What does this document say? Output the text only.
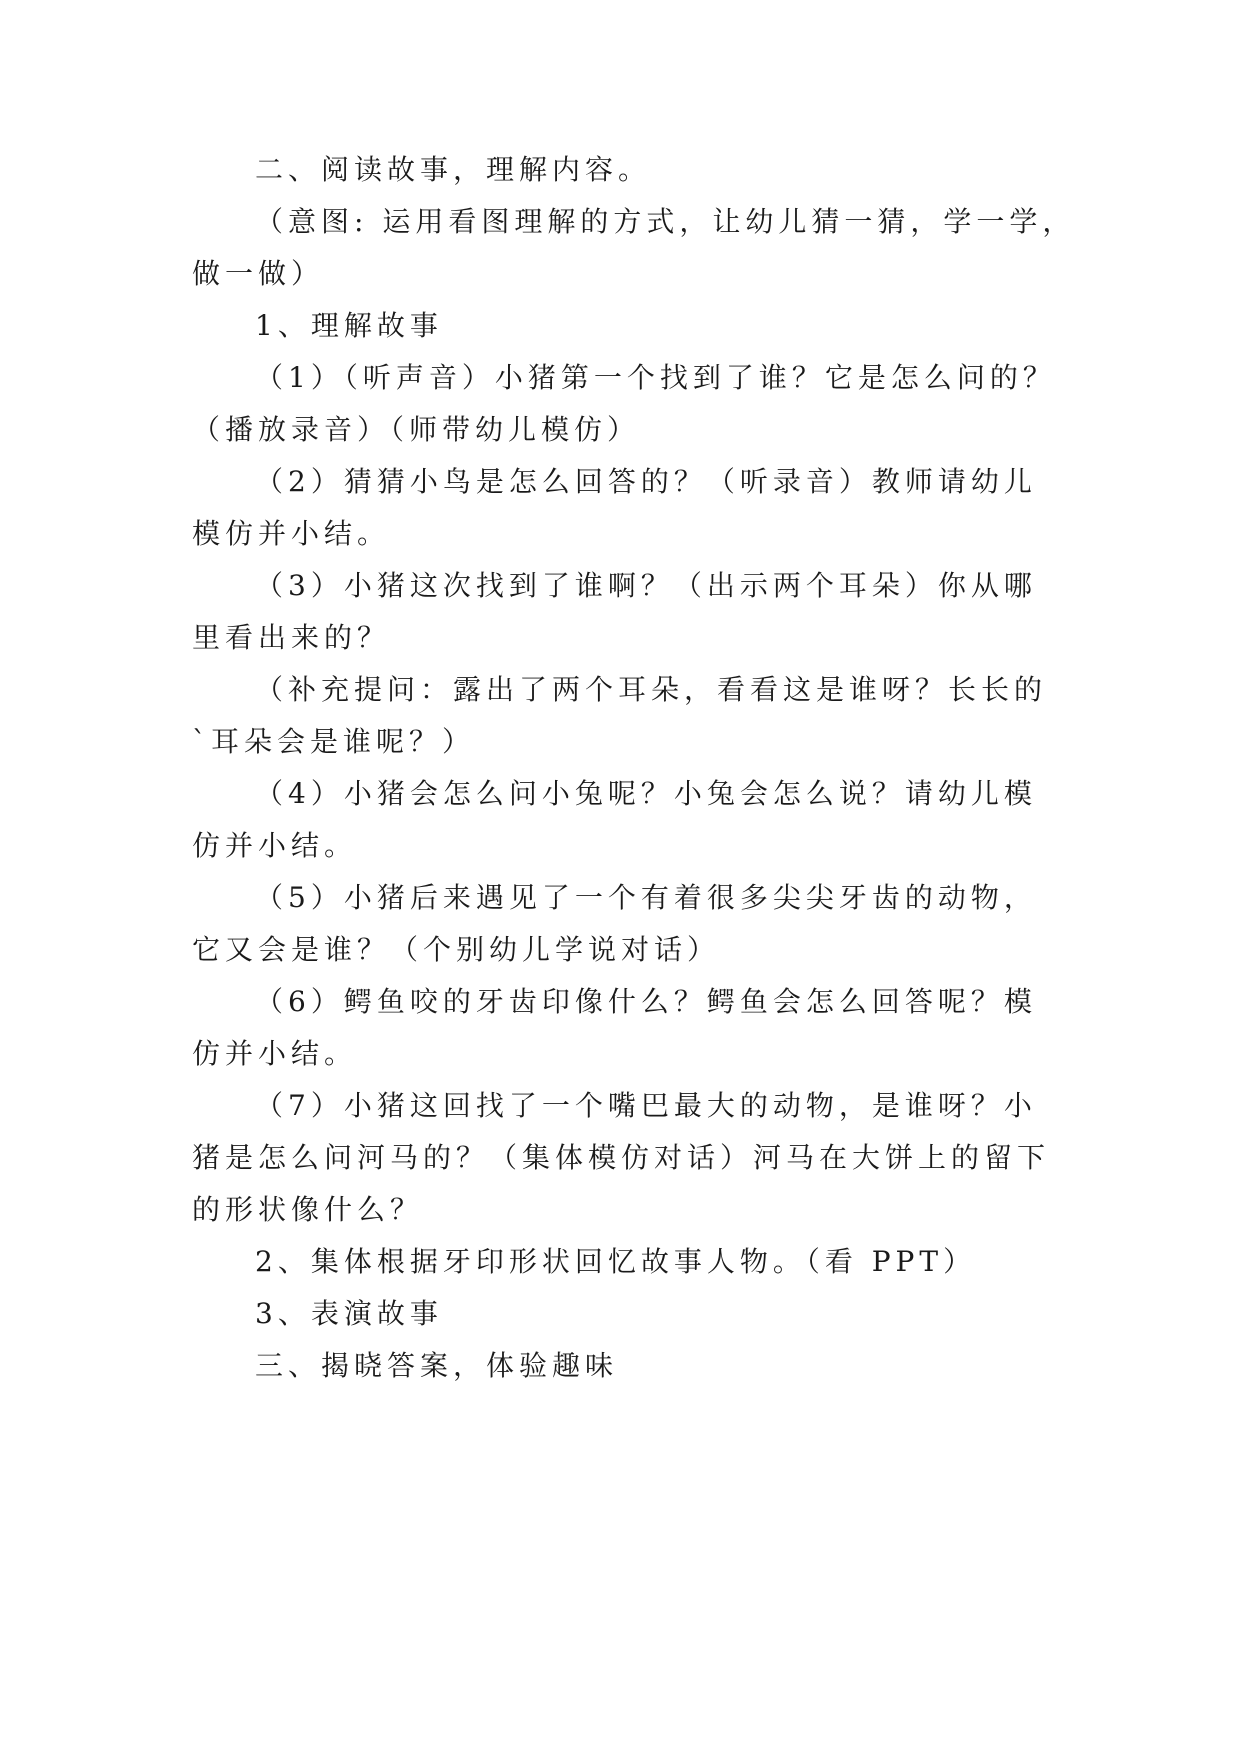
二、阅读故事，理解内容。
（意图: 运用看图理解的方式，让幼儿猜一猜，学一学，
做一做）
1、理解故事
（1）（听声音）小猪第一个找到了谁？它是怎么问的？
（播放录音）（师带幼儿模仿）
（2）猜猜小鸟是怎么回答的？（听录音）教师请幼儿
模仿并小结。
（3）小猪这次找到了谁啊？（出示两个耳朵）你从哪
里看出来的？
（补充提问：露出了两个耳朵，看看这是谁呀？长长的
`耳朵会是谁呢？）
（4）小猪会怎么问小兔呢？小兔会怎么说？请幼儿模
仿并小结。
（5）小猪后来遇见了一个有着很多尖尖牙齿的动物，
它又会是谁？（个别幼儿学说对话）
（6）鳄鱼咬的牙齿印像什么？鳄鱼会怎么回答呢？模
仿并小结。
（7）小猪这回找了一个嘴巴最大的动物，是谁呀？小
猪是怎么问河马的？（集体模仿对话）河马在大饼上的留下
的形状像什么？
2、集体根据牙印形状回忆故事人物。（看 PPT）
3、表演故事
三、揭晓答案，体验趣味
